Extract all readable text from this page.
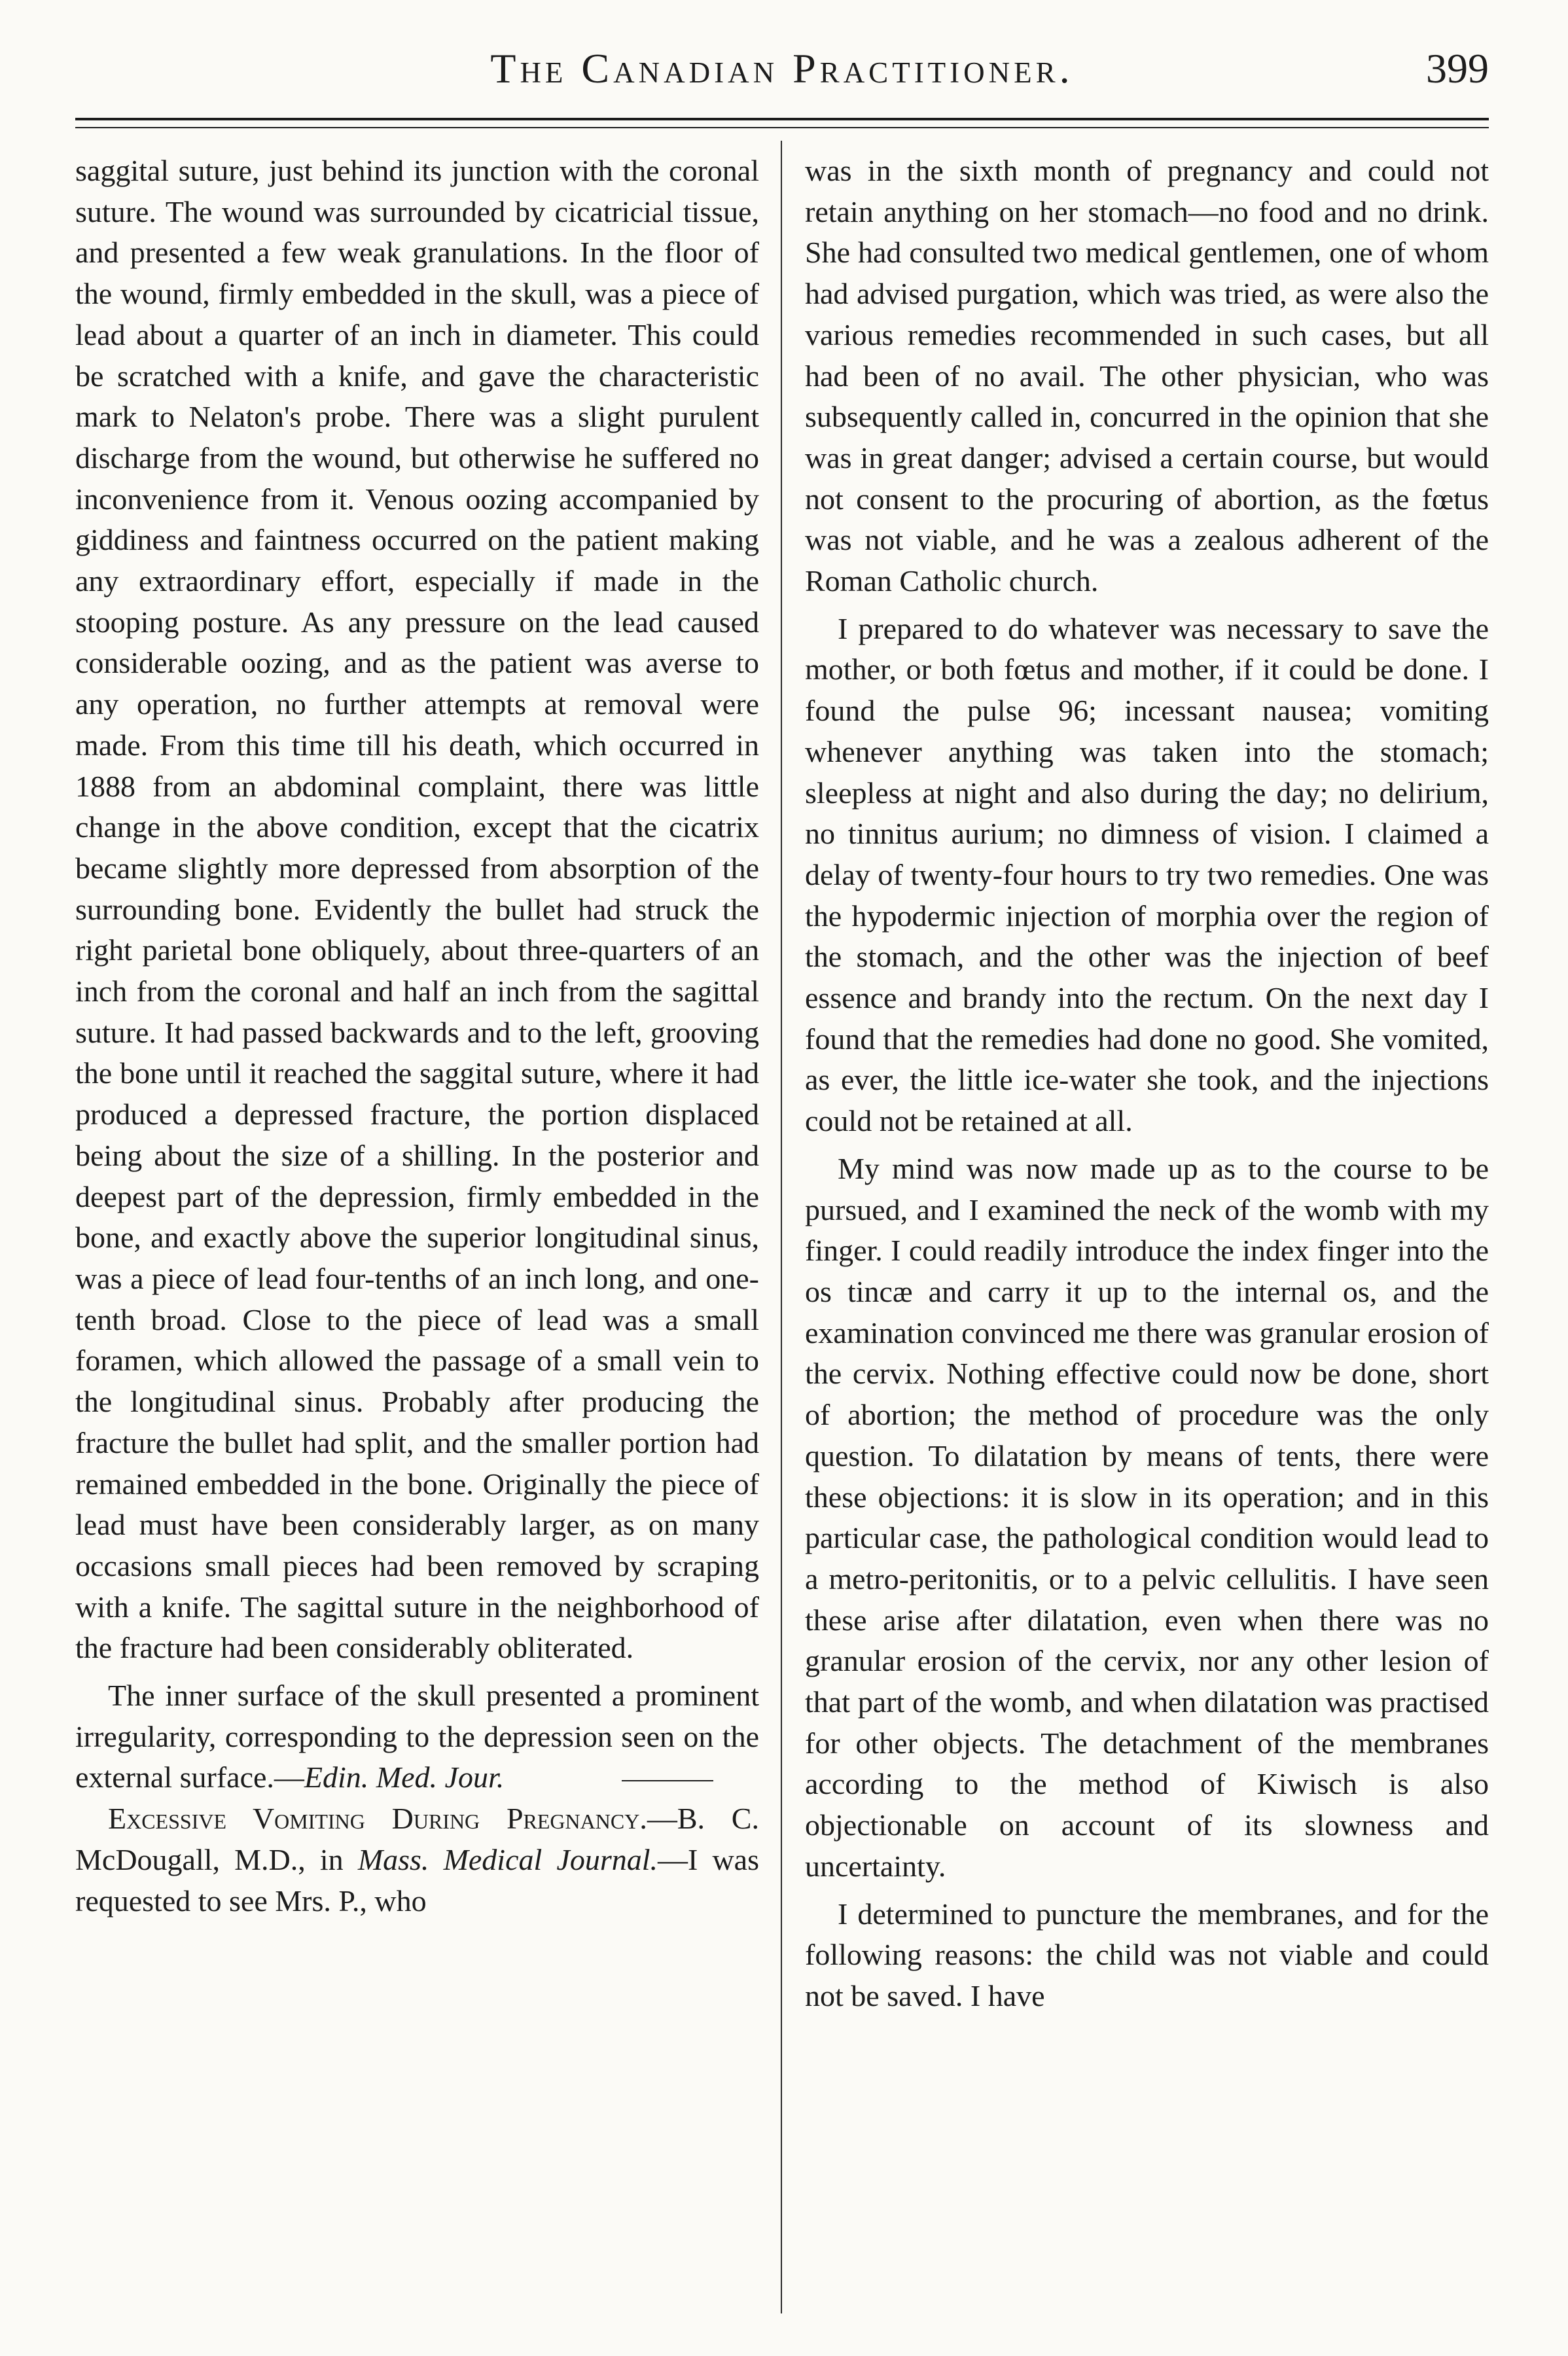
The Canadian Practitioner.	399

saggital suture, just behind its junction with the coronal suture. The wound was surrounded by cicatricial tissue, and presented a few weak granulations. In the floor of the wound, firmly embedded in the skull, was a piece of lead about a quarter of an inch in diameter. This could be scratched with a knife, and gave the characteristic mark to Nelaton's probe. There was a slight purulent discharge from the wound, but otherwise he suffered no inconvenience from it. Venous oozing accompanied by giddiness and faintness occurred on the patient making any extraordinary effort, especially if made in the stooping posture. As any pressure on the lead caused considerable oozing, and as the patient was averse to any operation, no further attempts at removal were made. From this time till his death, which occurred in 1888 from an abdominal complaint, there was little change in the above condition, except that the cicatrix became slightly more depressed from absorption of the surrounding bone. Evidently the bullet had struck the right parietal bone obliquely, about three-quarters of an inch from the coronal and half an inch from the sagittal suture. It had passed backwards and to the left, grooving the bone until it reached the saggital suture, where it had produced a depressed fracture, the portion displaced being about the size of a shilling. In the posterior and deepest part of the depression, firmly embedded in the bone, and exactly above the superior longitudinal sinus, was a piece of lead four-tenths of an inch long, and one-tenth broad. Close to the piece of lead was a small foramen, which allowed the passage of a small vein to the longitudinal sinus. Probably after producing the fracture the bullet had split, and the smaller portion had remained embedded in the bone. Originally the piece of lead must have been considerably larger, as on many occasions small pieces had been removed by scraping with a knife. The sagittal suture in the neighborhood of the fracture had been considerably obliterated.

The inner surface of the skull presented a prominent irregularity, corresponding to the depression seen on the external surface.—Edin. Med. Jour.

Excessive Vomiting During Pregnancy.—B. C. McDougall, M.D., in Mass. Medical Journal.—I was requested to see Mrs. P., who

was in the sixth month of pregnancy and could not retain anything on her stomach—no food and no drink. She had consulted two medical gentlemen, one of whom had advised purgation, which was tried, as were also the various remedies recommended in such cases, but all had been of no avail. The other physician, who was subsequently called in, concurred in the opinion that she was in great danger; advised a certain course, but would not consent to the procuring of abortion, as the fœtus was not viable, and he was a zealous adherent of the Roman Catholic church.

I prepared to do whatever was necessary to save the mother, or both fœtus and mother, if it could be done. I found the pulse 96; incessant nausea; vomiting whenever anything was taken into the stomach; sleepless at night and also during the day; no delirium, no tinnitus aurium; no dimness of vision. I claimed a delay of twenty-four hours to try two remedies. One was the hypodermic injection of morphia over the region of the stomach, and the other was the injection of beef essence and brandy into the rectum. On the next day I found that the remedies had done no good. She vomited, as ever, the little ice-water she took, and the injections could not be retained at all.

My mind was now made up as to the course to be pursued, and I examined the neck of the womb with my finger. I could readily introduce the index finger into the os tincæ and carry it up to the internal os, and the examination convinced me there was granular erosion of the cervix. Nothing effective could now be done, short of abortion; the method of procedure was the only question. To dilatation by means of tents, there were these objections: it is slow in its operation; and in this particular case, the pathological condition would lead to a metro-peritonitis, or to a pelvic cellulitis. I have seen these arise after dilatation, even when there was no granular erosion of the cervix, nor any other lesion of that part of the womb, and when dilatation was practised for other objects. The detachment of the membranes according to the method of Kiwisch is also objectionable on account of its slowness and uncertainty.

I determined to puncture the membranes, and for the following reasons: the child was not viable and could not be saved. I have
